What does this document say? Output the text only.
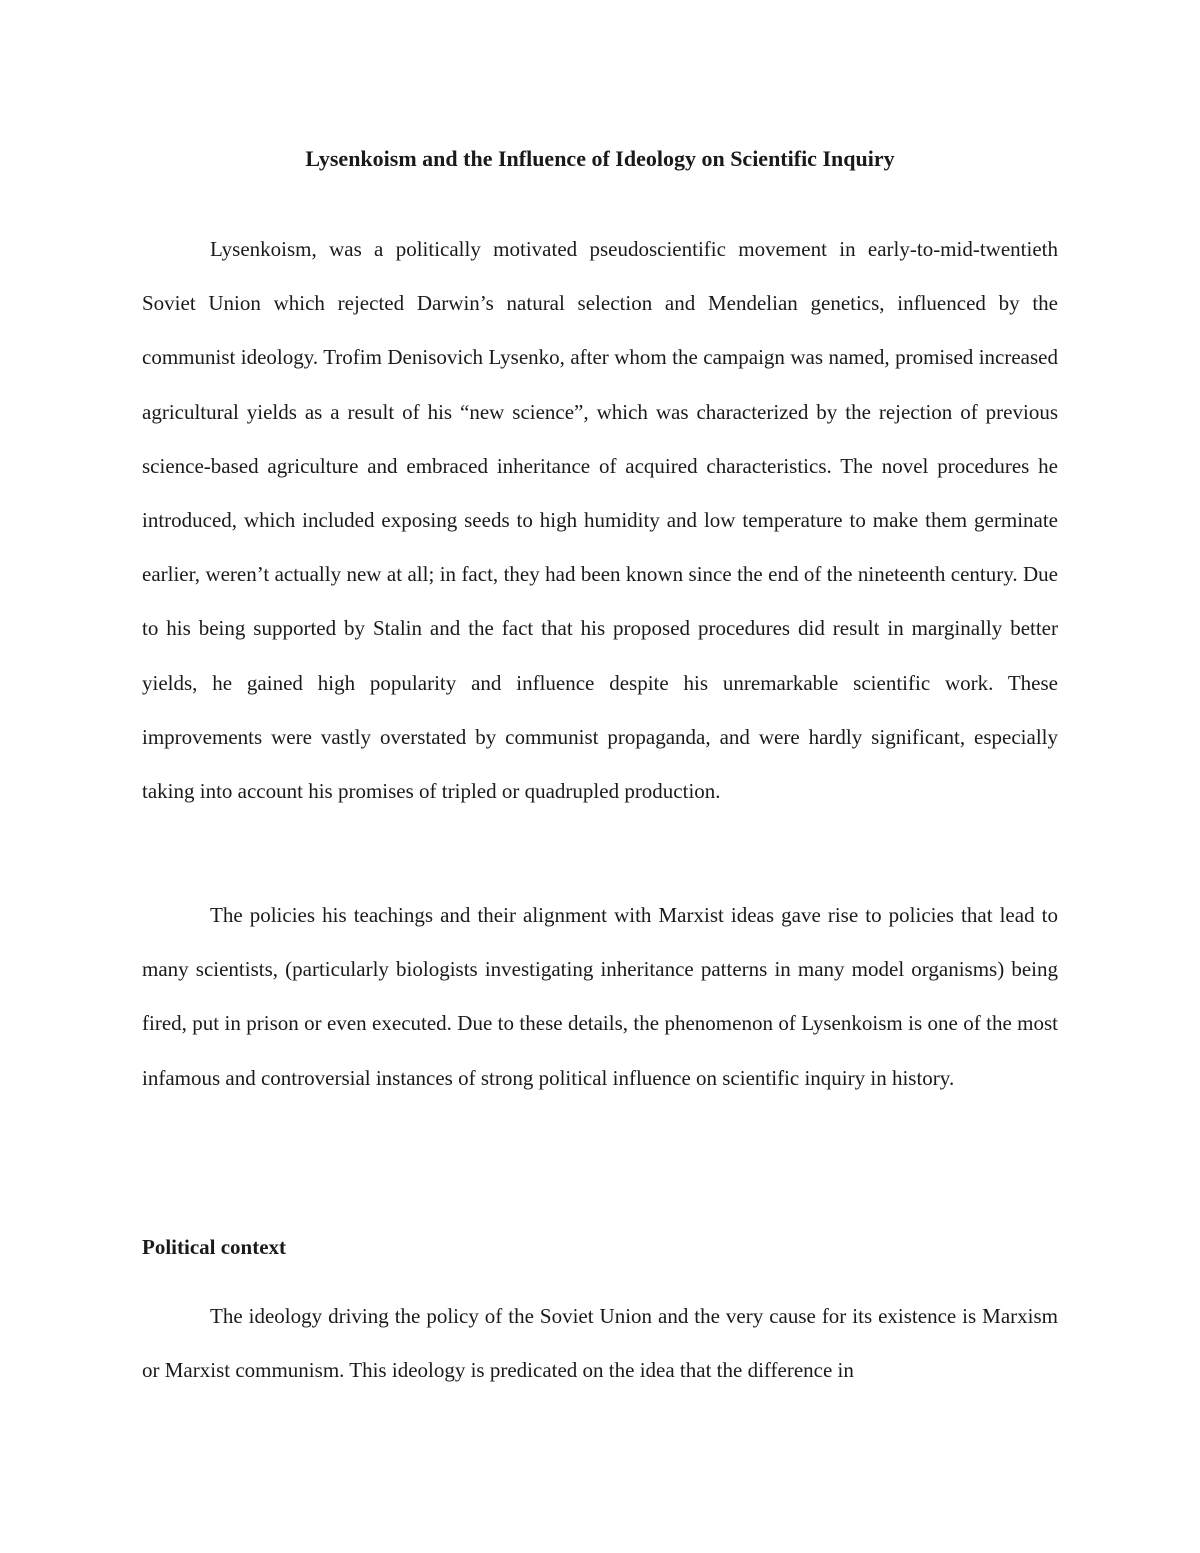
Lysenkoism and the Influence of Ideology on Scientific Inquiry

Lysenkoism, was a politically motivated pseudoscientific movement in early-to-mid-twentieth Soviet Union which rejected Darwin’s natural selection and Mendelian genetics, influenced by the communist ideology. Trofim Denisovich Lysenko, after whom the campaign was named, promised increased agricultural yields as a result of his “new science”, which was characterized by the rejection of previous science-based agriculture and embraced inheritance of acquired characteristics. The novel procedures he introduced, which included exposing seeds to high humidity and low temperature to make them germinate earlier, weren’t actually new at all; in fact, they had been known since the end of the nineteenth century. Due to his being supported by Stalin and the fact that his proposed procedures did result in marginally better yields, he gained high popularity and influence despite his unremarkable scientific work. These improvements were vastly overstated by communist propaganda, and were hardly significant, especially taking into account his promises of tripled or quadrupled production.

The policies his teachings and their alignment with Marxist ideas gave rise to policies that lead to many scientists, (particularly biologists investigating inheritance patterns in many model organisms) being fired, put in prison or even executed. Due to these details, the phenomenon of Lysenkoism is one of the most infamous and controversial instances of strong political influence on scientific inquiry in history.

Political context

The ideology driving the policy of the Soviet Union and the very cause for its existence is Marxism or Marxist communism. This ideology is predicated on the idea that the difference in
